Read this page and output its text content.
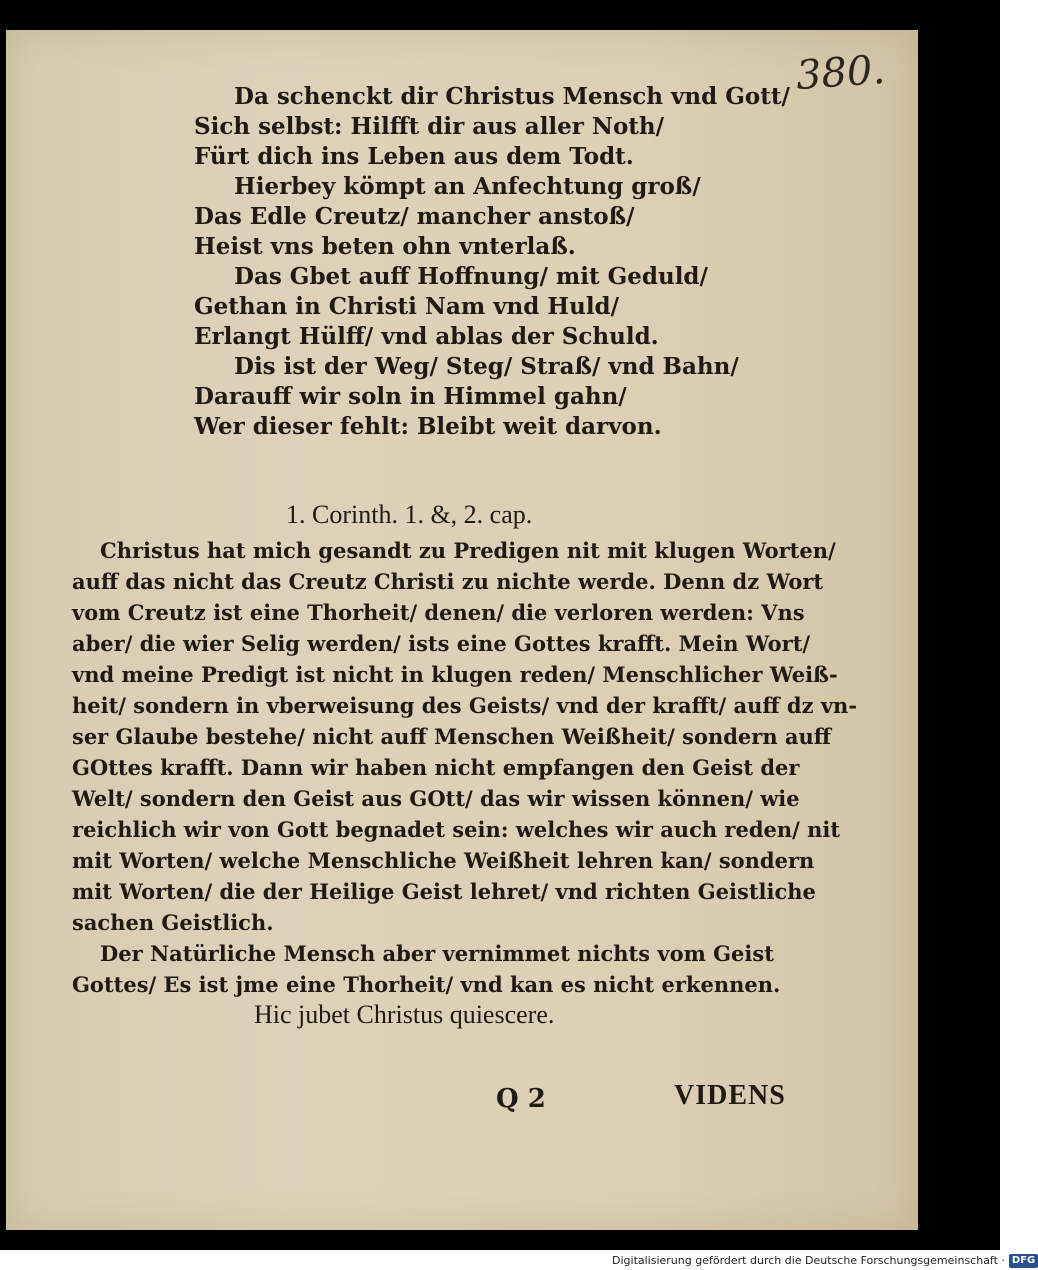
380.
Da schenckt dir Christus Mensch vnd Gott/
Sich selbst: Hilfft dir aus aller Noth/
Fürt dich ins Leben aus dem Todt.
Hierbey kömpt an Anfechtung groß/
Das Edle Creutz/ mancher anstoß/
Heist vns beten ohn vnterlaß.
Das Gbet auff Hoffnung/ mit Geduld/
Gethan in Christi Nam vnd Huld/
Erlangt Hülff/ vnd ablas der Schuld.
Dis ist der Weg/ Steg/ Straß/ vnd Bahn/
Darauff wir soln in Himmel gahn/
Wer dieser fehlt: Bleibt weit darvon.
1. Corinth. 1. &, 2. cap.
Christus hat mich gesandt zu Predigen nit mit klugen Worten/
auff das nicht das Creutz Christi zu nichte werde. Denn dz Wort
vom Creutz ist eine Thorheit/ denen/ die verloren werden: Vns
aber/ die wier Selig werden/ ists eine Gottes krafft. Mein Wort/
vnd meine Predigt ist nicht in klugen reden/ Menschlicher Weiß-
heit/ sondern in vberweisung des Geists/ vnd der krafft/ auff dz vn-
ser Glaube bestehe/ nicht auff Menschen Weißheit/ sondern auff
GOttes krafft. Dann wir haben nicht empfangen den Geist der
Welt/ sondern den Geist aus GOtt/ das wir wissen können/ wie
reichlich wir von Gott begnadet sein: welches wir auch reden/ nit
mit Worten/ welche Menschliche Weißheit lehren kan/ sondern
mit Worten/ die der Heilige Geist lehret/ vnd richten Geistliche
sachen Geistlich.
Der Natürliche Mensch aber vernimmet nichts vom Geist
Gottes/ Es ist jme eine Thorheit/ vnd kan es nicht erkennen.
Hic jubet Christus quiescere.
Q 2	VIDENS
Digitalisierung gefördert durch die Deutsche Forschungsgemeinschaft · DFG
